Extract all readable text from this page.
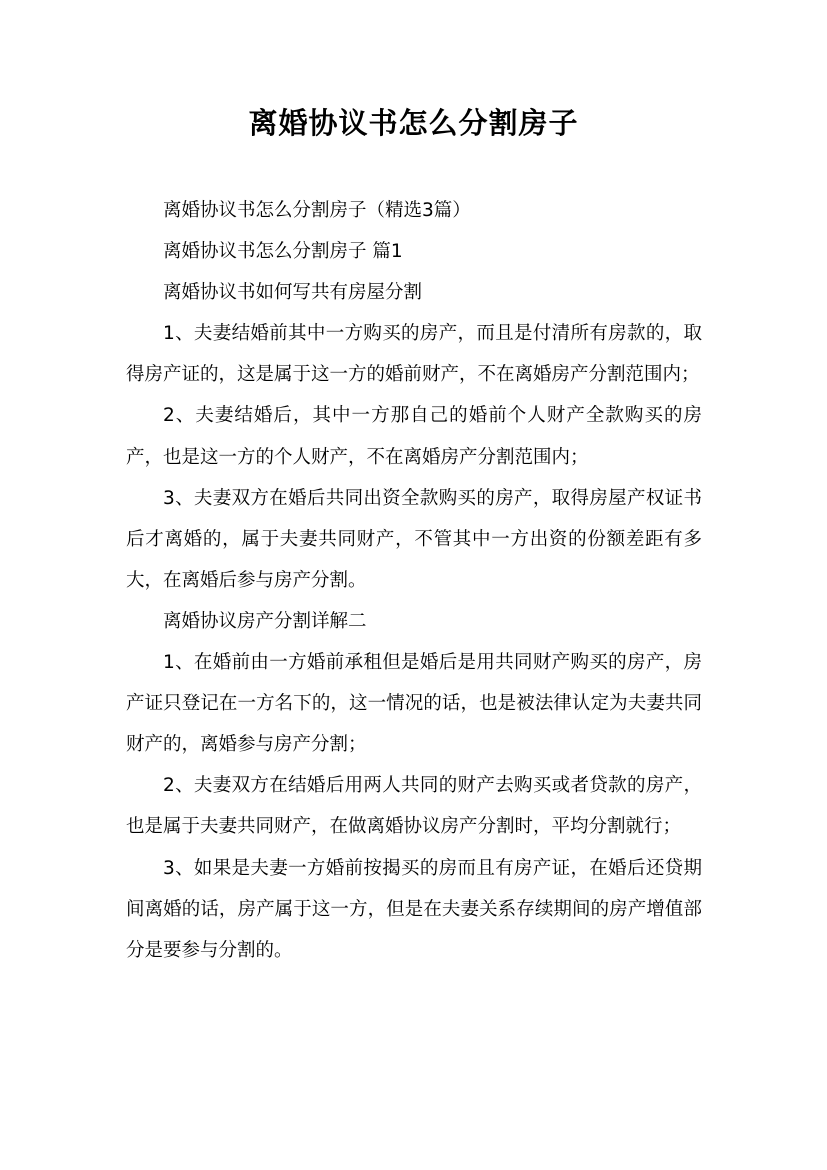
离婚协议书怎么分割房子

离婚协议书怎么分割房子（精选3篇）

离婚协议书怎么分割房子 篇1

离婚协议书如何写共有房屋分割

1、夫妻结婚前其中一方购买的房产，而且是付清所有房款的，取得房产证的，这是属于这一方的婚前财产，不在离婚房产分割范围内；

2、夫妻结婚后，其中一方那自己的婚前个人财产全款购买的房产，也是这一方的个人财产，不在离婚房产分割范围内；

3、夫妻双方在婚后共同出资全款购买的房产，取得房屋产权证书后才离婚的，属于夫妻共同财产，不管其中一方出资的份额差距有多大，在离婚后参与房产分割。

离婚协议房产分割详解二

1、在婚前由一方婚前承租但是婚后是用共同财产购买的房产，房产证只登记在一方名下的，这一情况的话，也是被法律认定为夫妻共同财产的，离婚参与房产分割；

2、夫妻双方在结婚后用两人共同的财产去购买或者贷款的房产，也是属于夫妻共同财产，在做离婚协议房产分割时，平均分割就行；

3、如果是夫妻一方婚前按揭买的房而且有房产证，在婚后还贷期间离婚的话，房产属于这一方，但是在夫妻关系存续期间的房产增值部分是要参与分割的。
